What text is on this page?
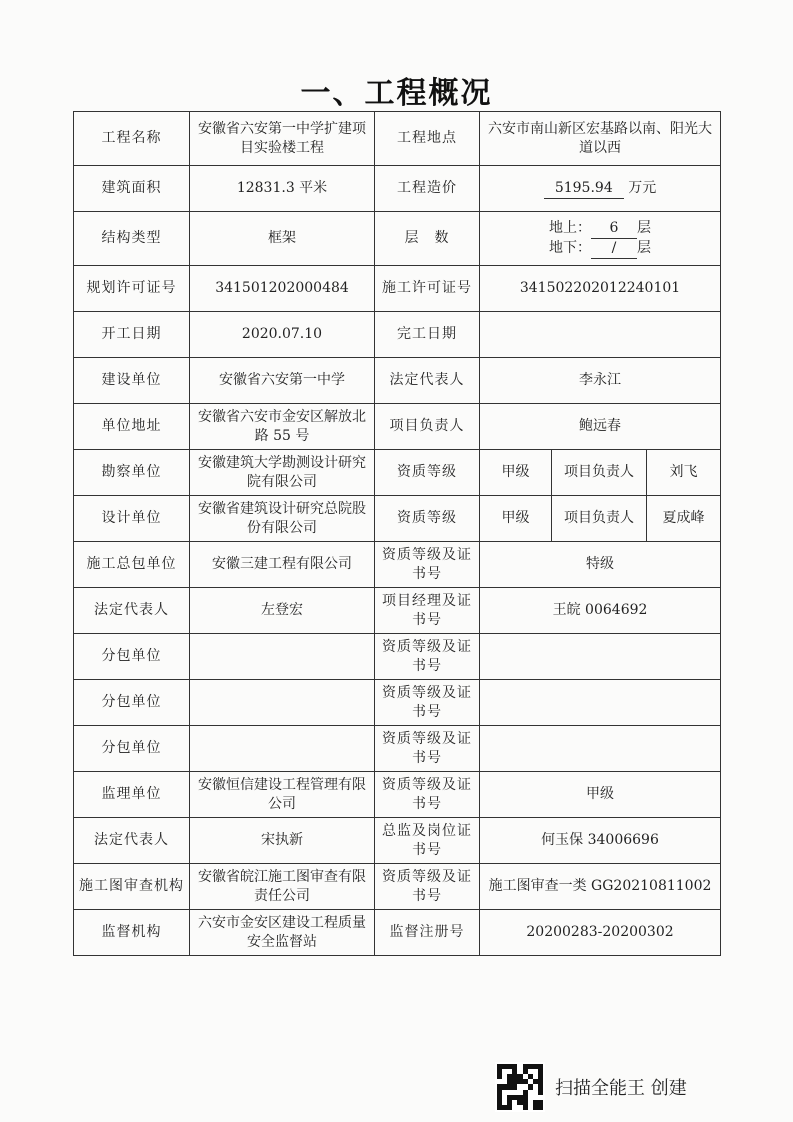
一、工程概况
工程名称	安徽省六安第一中学扩建项目实验楼工程	工程地点	六安市南山新区宏基路以南、阳光大道以西		
建筑面积	12831.3 平米	工程造价	5195.94 万元		
结构类型	框架	层　数	地上： 6 层
地下： / 层		

规划许可证号	341501202000484	施工许可证号	341502202012240101		
开工日期	2020.07.10	完工日期			
建设单位	安徽省六安第一中学	法定代表人	李永江		
单位地址	安徽省六安市金安区解放北路 55 号	项目负责人	鲍远春		
勘察单位	安徽建筑大学勘测设计研究院有限公司	资质等级	甲级	项目负责人	刘飞
设计单位	安徽省建筑设计研究总院股份有限公司	资质等级	甲级	项目负责人	夏成峰
施工总包单位	安徽三建工程有限公司	资质等级及证书号	特级		
法定代表人	左登宏	项目经理及证书号	王皖 0064692		
分包单位		资质等级及证书号			
分包单位		资质等级及证书号			
分包单位		资质等级及证书号			
监理单位	安徽恒信建设工程管理有限公司	资质等级及证书号	甲级		
法定代表人	宋执新	总监及岗位证书号	何玉保 34006696		
施工图审查机构	安徽省皖江施工图审查有限责任公司	资质等级及证书号	施工图审查一类 GG20210811002		
监督机构	六安市金安区建设工程质量安全监督站	监督注册号	20200283-20200302		
扫描全能王 创建
